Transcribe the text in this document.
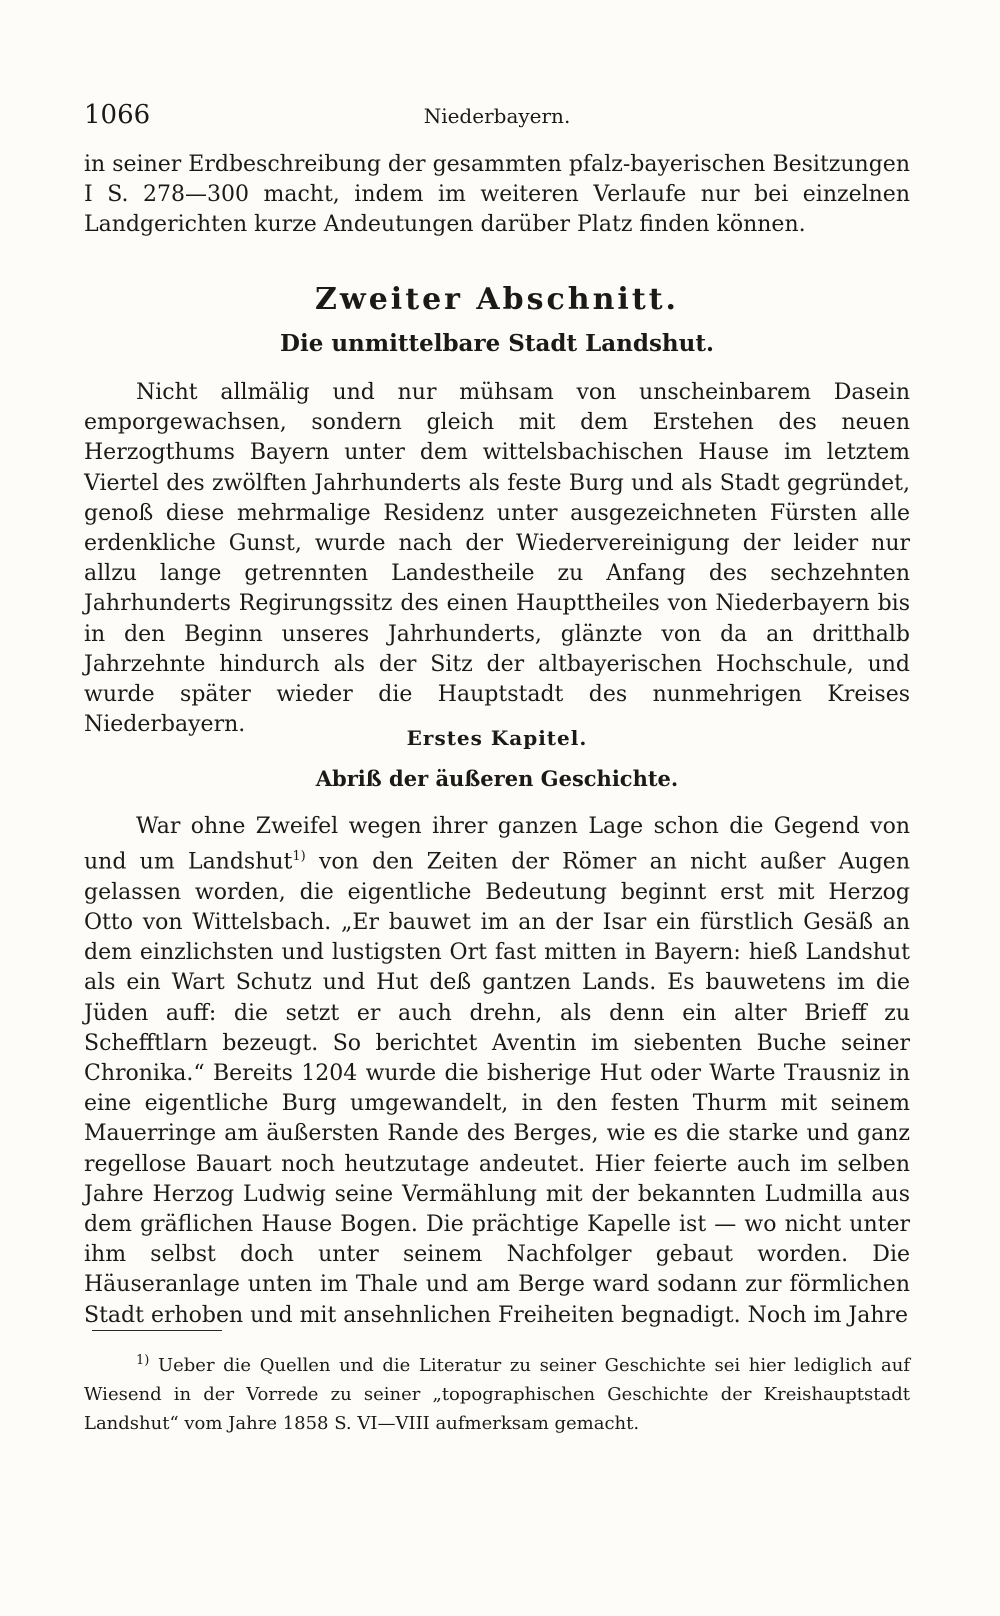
1066	Niederbayern.

in seiner Erdbeschreibung der gesammten pfalz-bayerischen Besitzungen I S. 278—300 macht, indem im weiteren Verlaufe nur bei einzelnen Landgerichten kurze Andeutungen darüber Platz finden können.

Zweiter Abschnitt.
Die unmittelbare Stadt Landshut.

Nicht allmälig und nur mühsam von unscheinbarem Dasein emporgewachsen, sondern gleich mit dem Erstehen des neuen Herzogthums Bayern unter dem wittelsbachischen Hause im letztem Viertel des zwölften Jahrhunderts als feste Burg und als Stadt gegründet, genoß diese mehrmalige Residenz unter ausgezeichneten Fürsten alle erdenkliche Gunst, wurde nach der Wiedervereinigung der leider nur allzu lange getrennten Landestheile zu Anfang des sechzehnten Jahrhunderts Regirungssitz des einen Haupttheiles von Niederbayern bis in den Beginn unseres Jahrhunderts, glänzte von da an dritthalb Jahrzehnte hindurch als der Sitz der altbayerischen Hochschule, und wurde später wieder die Hauptstadt des nunmehrigen Kreises Niederbayern.

Erstes Kapitel.
Abriß der äußeren Geschichte.

War ohne Zweifel wegen ihrer ganzen Lage schon die Gegend von und um Landshut$^{1)}$ von den Zeiten der Römer an nicht außer Augen gelassen worden, die eigentliche Bedeutung beginnt erst mit Herzog Otto von Wittelsbach. „Er bauwet im an der Isar ein fürstlich Gesäß an dem einzlichsten und lustigsten Ort fast mitten in Bayern: hieß Landshut als ein Wart Schutz und Hut deß gantzen Lands. Es bauwetens im die Jüden auff: die setzt er auch drehn, als denn ein alter Brieff zu Schefftlarn bezeugt. So berichtet Aventin im siebenten Buche seiner Chronika.“ Bereits 1204 wurde die bisherige Hut oder Warte Trausniz in eine eigentliche Burg umgewandelt, in den festen Thurm mit seinem Mauerringe am äußersten Rande des Berges, wie es die starke und ganz regellose Bauart noch heutzutage andeutet. Hier feierte auch im selben Jahre Herzog Ludwig seine Vermählung mit der bekannten Ludmilla aus dem gräflichen Hause Bogen. Die prächtige Kapelle ist — wo nicht unter ihm selbst doch unter seinem Nachfolger gebaut worden. Die Häuseranlage unten im Thale und am Berge ward sodann zur förmlichen Stadt erhoben und mit ansehnlichen Freiheiten begnadigt. Noch im Jahre

$^{1)}$ Ueber die Quellen und die Literatur zu seiner Geschichte sei hier lediglich auf Wiesend in der Vorrede zu seiner „topographischen Geschichte der Kreishauptstadt Landshut“ vom Jahre 1858 S. VI—VIII aufmerksam gemacht.
